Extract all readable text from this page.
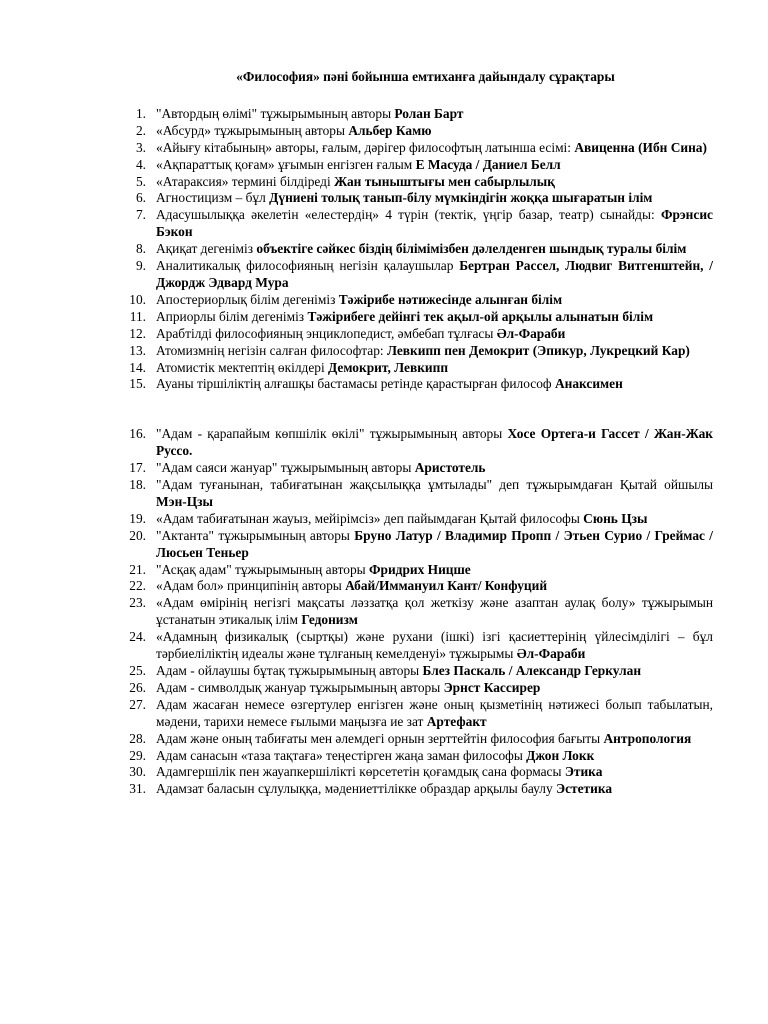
«Философия» пәні бойынша емтиханға дайындалу сұрақтары
1. "Автордың өлімі" тұжырымының авторы Ролан Барт
2. «Абсурд» тұжырымының авторы Альбер Камю
3. «Айығу кітабының» авторы, ғалым, дәрігер философтың латынша есімі: Авиценна (Ибн Сина)
4. «Ақпараттық қоғам» ұғымын енгізген ғалым Е Масуда / Даниел Белл
5. «Атараксия» термині білдіреді Жан тыныштығы мен сабырлылық
6. Агностицизм – бұл Дүниені толық танып-білу мүмкіндігін жоққа шығаратын ілім
7. Адасушылыққа әкелетін «елестердің» 4 түрін (тектік, үңгір базар, театр) сынайды: Фрэнсис Бэкон
8. Ақиқат дегеніміз объектіге сәйкес біздің білімімізбен дәлелденген шындық туралы білім
9. Аналитикалық философияның негізін қалаушылар Бертран Рассел, Людвиг Витгенштейн, / Джордж Эдвард Мура
10. Апостериорлық білім дегеніміз Тәжірибе нәтижесінде алынған білім
11. Априорлы білім дегеніміз Тәжірибеге дейінгі тек ақыл-ой арқылы алынатын білім
12. Арабтілді философияның энциклопедист, әмбебап тұлғасы Әл-Фараби
13. Атомизмнің негізін салған философтар: Левкипп пен Демокрит (Эпикур, Лукрецкий Кар)
14. Атомистік мектептің өкілдері Демокрит, Левкипп
15. Ауаны тіршіліктің алғашқы бастамасы ретінде қарастырған философ Анаксимен
16. "Адам - қарапайым көпшілік өкілі" тұжырымының авторы Хосе Ортега-и Гассет / Жан-Жак Руссо.
17. "Адам саяси жануар" тұжырымының авторы Аристотель
18. "Адам туғанынан, табиғатынан жақсылыққа ұмтылады" деп тұжырымдаған Қытай ойшылы Мэн-Цзы
19. «Адам табиғатынан жауыз, мейірімсіз» деп пайымдаған Қытай философы Сюнь Цзы
20. "Актанта" тұжырымының авторы Бруно Латур / Владимир Пропп / Этьен Сурио / Греймас / Люсьен Теньер
21. "Асқақ адам" тұжырымының авторы Фридрих Ницше
22. «Адам бол» принципінің авторы Абай/Иммануил Кант/ Конфуций
23. «Адам өмірінің негізгі мақсаты ләззатқа қол жеткізу және азаптан аулақ болу» тұжырымын ұстанатын этикалық ілім Гедонизм
24. «Адамның физикалық (сыртқы) және рухани (ішкі) ізгі қасиеттерінің үйлесімділігі – бұл тәрбиеліліктің идеалы және тұлғаның кемелденуі» тұжырымы Әл-Фараби
25. Адам - ойлаушы бұтақ тұжырымының авторы Блез Паскаль / Александр Геркулан
26. Адам - символдық жануар тұжырымының авторы Эрнст Кассирер
27. Адам жасаған немесе өзгертулер енгізген және оның қызметінің нәтижесі болып табылатын, мәдени, тарихи немесе ғылыми маңызға ие зат Артефакт
28. Адам және оның табиғаты мен әлемдегі орнын зерттейтін философия бағыты Антропология
29. Адам санасын «таза тақтаға» теңестірген жаңа заман философы Джон Локк
30. Адамгершілік пен жауапкершілікті көрсететін қоғамдық сана формасы Этика
31. Адамзат баласын сұлулыққа, мәдениеттілікке образдар арқылы баулу Эстетика
